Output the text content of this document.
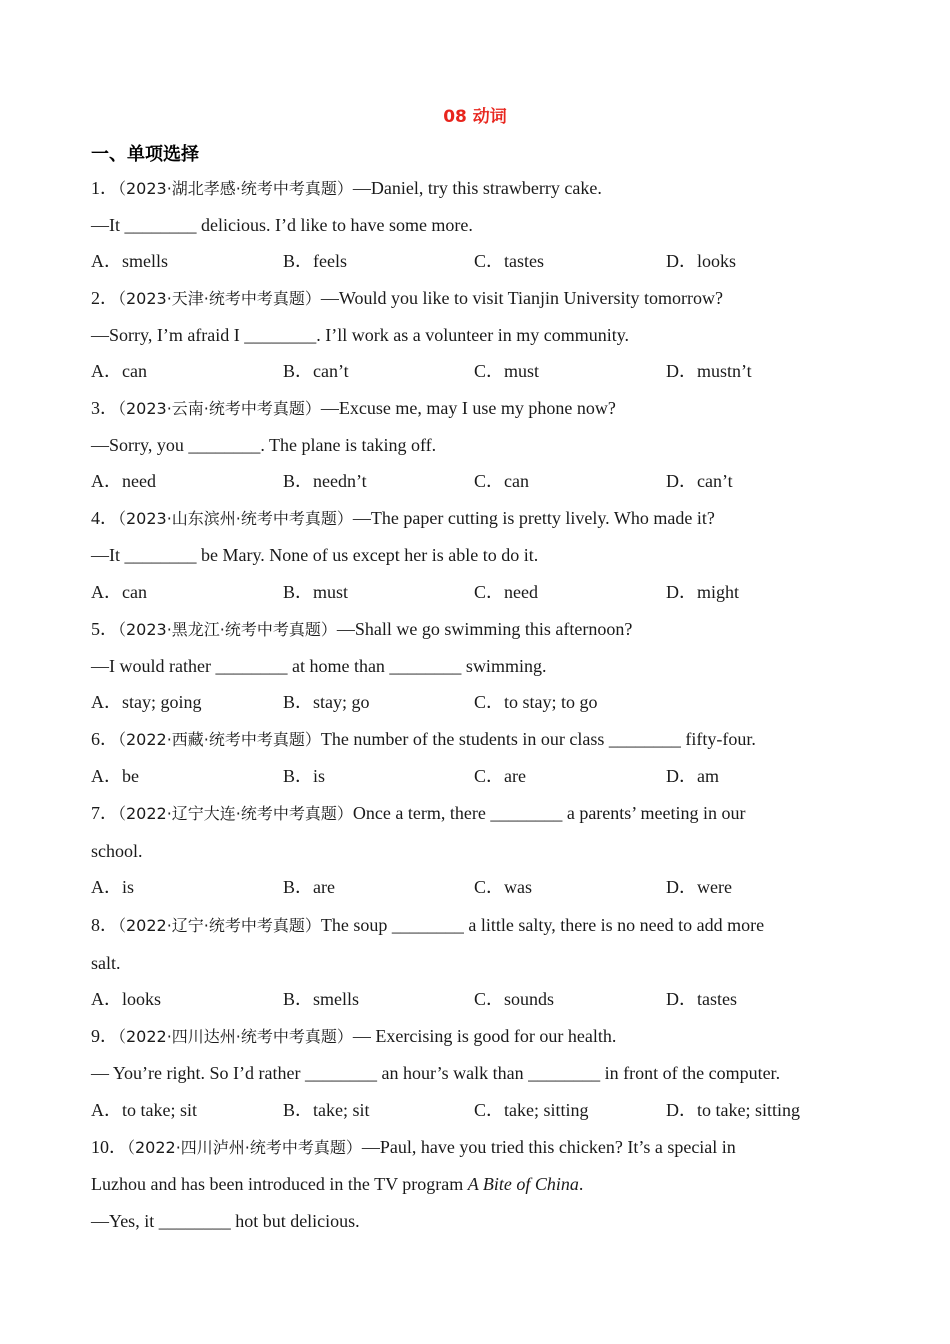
08 动词
一、单项选择
1．（2023·湖北孝感·统考中考真题）—Daniel, try this strawberry cake.
—It ________ delicious. I’d like to have some more.
A．smells	B．feels	C．tastes	D．looks
2．（2023·天津·统考中考真题）—Would you like to visit Tianjin University tomorrow?
—Sorry, I’m afraid I ________. I’ll work as a volunteer in my community.
A．can	B．can’t	C．must	D．mustn’t
3．（2023·云南·统考中考真题）—Excuse me, may I use my phone now?
—Sorry, you ________. The plane is taking off.
A．need	B．needn’t	C．can	D．can’t
4．（2023·山东滨州·统考中考真题）—The paper cutting is pretty lively. Who made it?
—It ________ be Mary. None of us except her is able to do it.
A．can	B．must	C．need	D．might
5．（2023·黑龙江·统考中考真题）—Shall we go swimming this afternoon?
—I would rather ________ at home than ________ swimming.
A．stay; going	B．stay; go	C．to stay; to go
6．（2022·西藏·统考中考真题）The number of the students in our class ________ fifty-four.
A．be	B．is	C．are	D．am
7．（2022·辽宁大连·统考中考真题）Once a term, there ________ a parents’ meeting in our
school.
A．is	B．are	C．was	D．were
8．（2022·辽宁·统考中考真题）The soup ________ a little salty, there is no need to add more
salt.
A．looks	B．smells	C．sounds	D．tastes
9．（2022·四川达州·统考中考真题）— Exercising is good for our health.
— You’re right. So I’d rather ________ an hour’s walk than ________ in front of the computer.
A．to take; sit	B．take; sit	C．take; sitting	D．to take; sitting
10．（2022·四川泸州·统考中考真题）—Paul, have you tried this chicken? It’s a special in
Luzhou and has been introduced in the TV program A Bite of China.
—Yes, it ________ hot but delicious.
